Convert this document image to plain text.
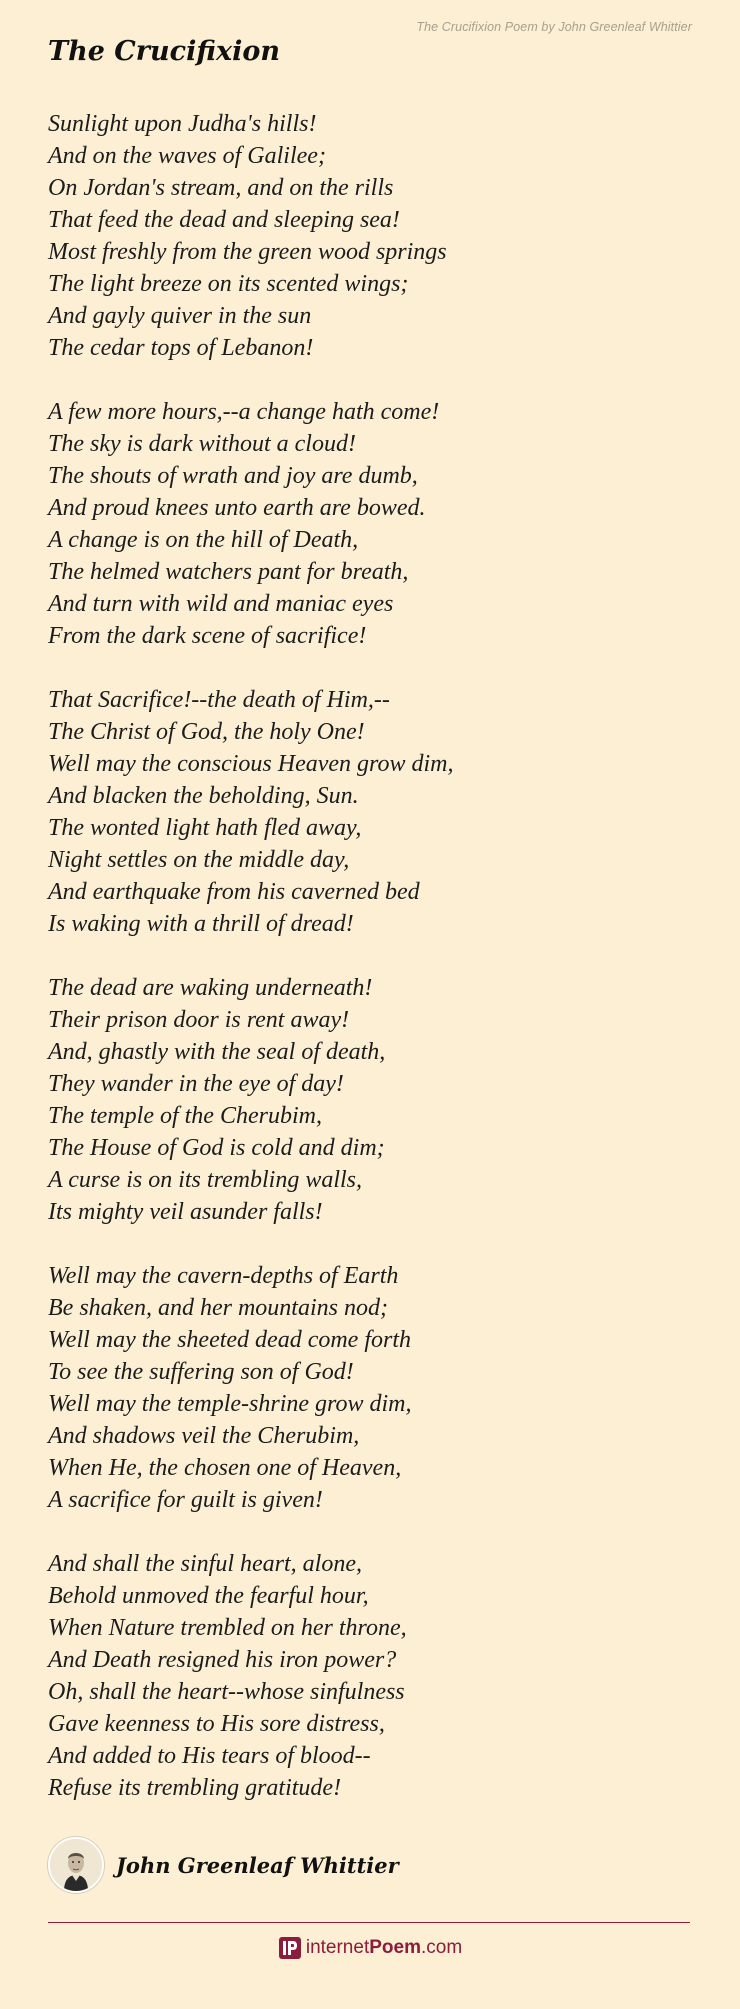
The Crucifixion Poem by John Greenleaf Whittier
The Crucifixion
Sunlight upon Judha's hills!
And on the waves of Galilee;
On Jordan's stream, and on the rills
That feed the dead and sleeping sea!
Most freshly from the green wood springs
The light breeze on its scented wings;
And gayly quiver in the sun
The cedar tops of Lebanon!
A few more hours,--a change hath come!
The sky is dark without a cloud!
The shouts of wrath and joy are dumb,
And proud knees unto earth are bowed.
A change is on the hill of Death,
The helmed watchers pant for breath,
And turn with wild and maniac eyes
From the dark scene of sacrifice!
That Sacrifice!--the death of Him,--
The Christ of God, the holy One!
Well may the conscious Heaven grow dim,
And blacken the beholding, Sun.
The wonted light hath fled away,
Night settles on the middle day,
And earthquake from his caverned bed
Is waking with a thrill of dread!
The dead are waking underneath!
Their prison door is rent away!
And, ghastly with the seal of death,
They wander in the eye of day!
The temple of the Cherubim,
The House of God is cold and dim;
A curse is on its trembling walls,
Its mighty veil asunder falls!
Well may the cavern-depths of Earth
Be shaken, and her mountains nod;
Well may the sheeted dead come forth
To see the suffering son of God!
Well may the temple-shrine grow dim,
And shadows veil the Cherubim,
When He, the chosen one of Heaven,
A sacrifice for guilt is given!
And shall the sinful heart, alone,
Behold unmoved the fearful hour,
When Nature trembled on her throne,
And Death resigned his iron power?
Oh, shall the heart--whose sinfulness
Gave keenness to His sore distress,
And added to His tears of blood--
Refuse its trembling gratitude!
John Greenleaf Whittier
internet Poem .com
